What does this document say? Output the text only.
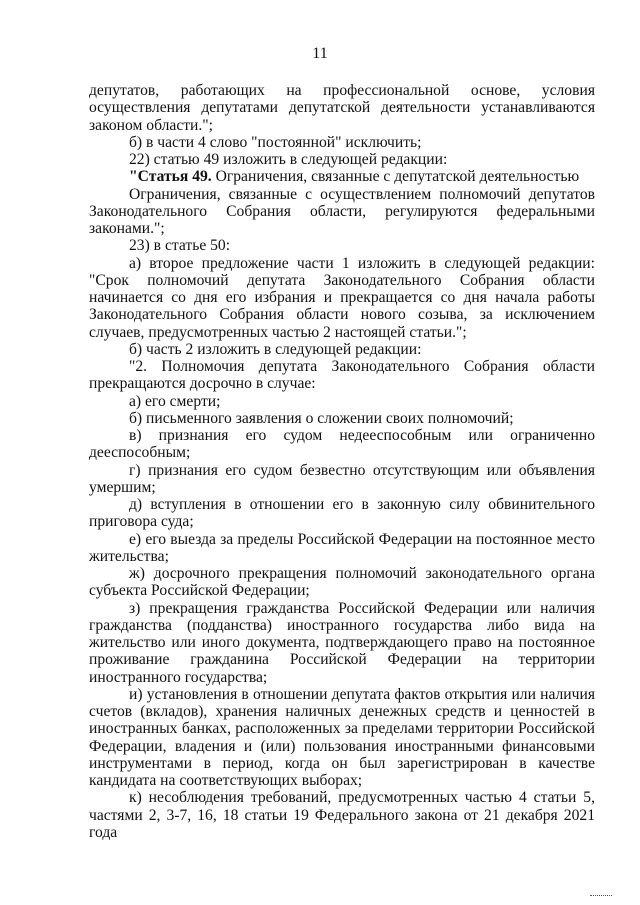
11

депутатов, работающих на профессиональной основе, условия осуществления депутатами депутатской деятельности устанавливаются законом области.";

б) в части 4 слово "постоянной" исключить;

22) статью 49 изложить в следующей редакции:

"Статья 49. Ограничения, связанные с депутатской деятельностью

Ограничения, связанные с осуществлением полномочий депутатов Законодательного Собрания области, регулируются федеральными законами.";

23) в статье 50:

а) второе предложение части 1 изложить в следующей редакции: "Срок полномочий депутата Законодательного Собрания области начинается со дня его избрания и прекращается со дня начала работы Законодательного Собрания области нового созыва, за исключением случаев, предусмотренных частью 2 настоящей статьи.";

б) часть 2 изложить в следующей редакции:

"2. Полномочия депутата Законодательного Собрания области прекращаются досрочно в случае:

а) его смерти;

б) письменного заявления о сложении своих полномочий;

в) признания его судом недееспособным или ограниченно дееспособным;

г) признания его судом безвестно отсутствующим или объявления умершим;

д) вступления в отношении его в законную силу обвинительного приговора суда;

е) его выезда за пределы Российской Федерации на постоянное место жительства;

ж) досрочного прекращения полномочий законодательного органа субъекта Российской Федерации;

з) прекращения гражданства Российской Федерации или наличия гражданства (подданства) иностранного государства либо вида на жительство или иного документа, подтверждающего право на постоянное проживание гражданина Российской Федерации на территории иностранного государства;

и) установления в отношении депутата фактов открытия или наличия счетов (вкладов), хранения наличных денежных средств и ценностей в иностранных банках, расположенных за пределами территории Российской Федерации, владения и (или) пользования иностранными финансовыми инструментами в период, когда он был зарегистрирован в качестве кандидата на соответствующих выборах;

к) несоблюдения требований, предусмотренных частью 4 статьи 5, частями 2, 3-7, 16, 18 статьи 19 Федерального закона от 21 декабря 2021 года
